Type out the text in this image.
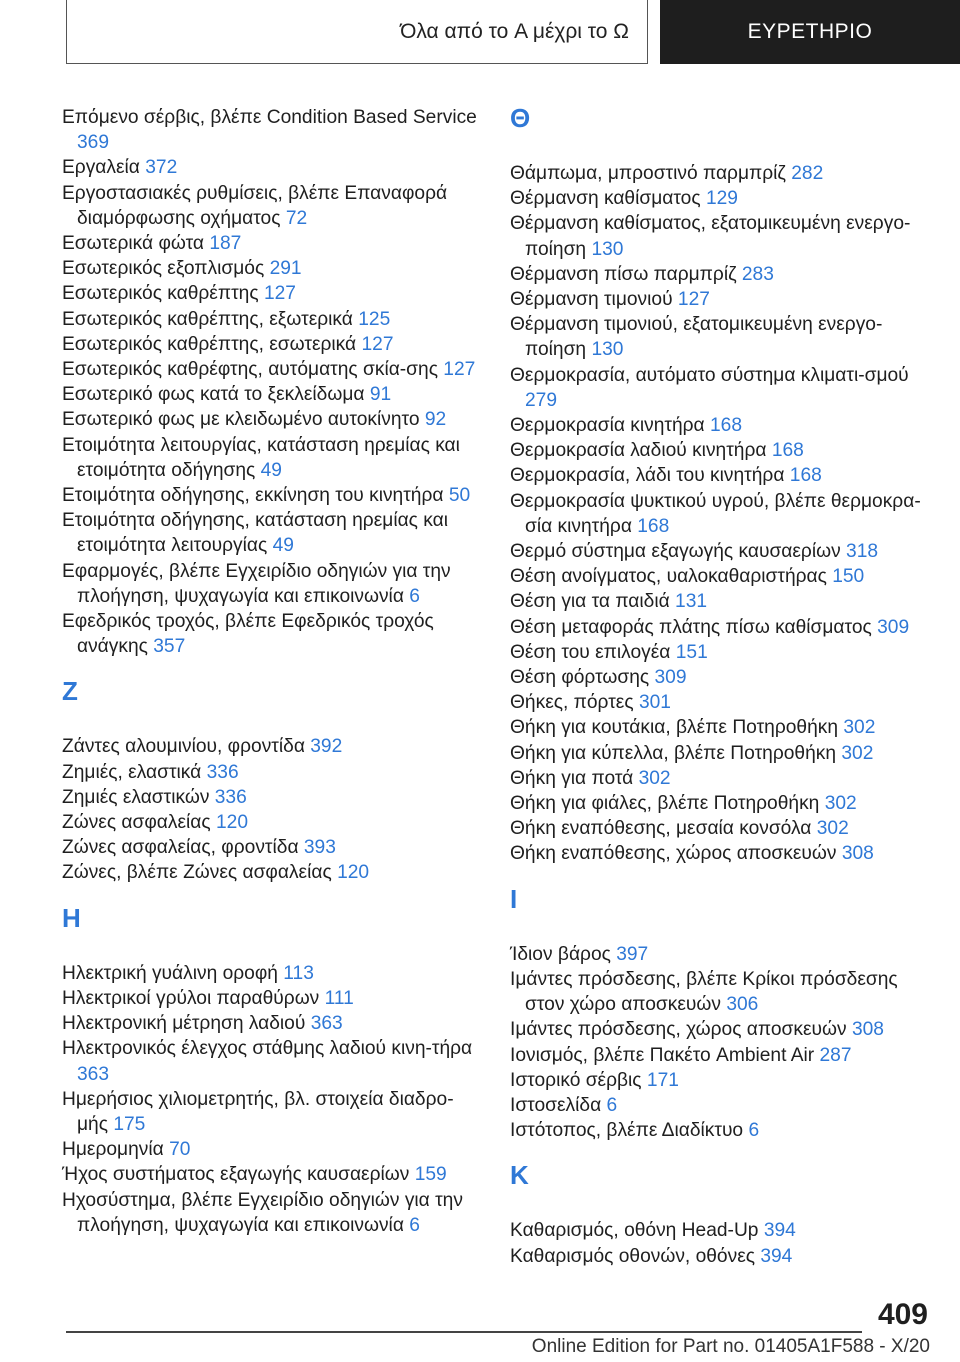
Όλα από το A μέχρι το Ω	ΕΥΡΕΤΗΡΙΟ
Επόμενο σέρβις, βλέπε Condition Based Service 369
Εργαλεία 372
Εργοστασιακές ρυθμίσεις, βλέπε Επαναφορά διαμόρφωσης οχήματος 72
Εσωτερικά φώτα 187
Εσωτερικός εξοπλισμός 291
Εσωτερικός καθρέπτης 127
Εσωτερικός καθρέπτης, εξωτερικά 125
Εσωτερικός καθρέπτης, εσωτερικά 127
Εσωτερικός καθρέφτης, αυτόματης σκία-σης 127
Εσωτερικό φως κατά το ξεκλείδωμα 91
Εσωτερικό φως με κλειδωμένο αυτοκίνητο 92
Ετοιμότητα λειτουργίας, κατάσταση ηρεμίας και ετοιμότητα οδήγησης 49
Ετοιμότητα οδήγησης, εκκίνηση του κινητήρα 50
Ετοιμότητα οδήγησης, κατάσταση ηρεμίας και ετοιμότητα λειτουργίας 49
Εφαρμογές, βλέπε Εγχειρίδιο οδηγιών για την πλοήγηση, ψυχαγωγία και επικοινωνία 6
Εφεδρικός τροχός, βλέπε Εφεδρικός τροχός ανάγκης 357
Z
Ζάντες αλουμινίου, φροντίδα 392
Ζημιές, ελαστικά 336
Ζημιές ελαστικών 336
Ζώνες ασφαλείας 120
Ζώνες ασφαλείας, φροντίδα 393
Ζώνες, βλέπε Ζώνες ασφαλείας 120
H
Ηλεκτρική γυάλινη οροφή 113
Ηλεκτρικοί γρύλοι παραθύρων 111
Ηλεκτρονική μέτρηση λαδιού 363
Ηλεκτρονικός έλεγχος στάθμης λαδιού κινη-τήρα 363
Ημερήσιος χιλιομετρητής, βλ. στοιχεία διαδρο-μής 175
Ημερομηνία 70
Ήχος συστήματος εξαγωγής καυσαερίων 159
Ηχοσύστημα, βλέπε Εγχειρίδιο οδηγιών για την πλοήγηση, ψυχαγωγία και επικοινωνία 6
Θ
Θάμπωμα, μπροστινό παρμπρίζ 282
Θέρμανση καθίσματος 129
Θέρμανση καθίσματος, εξατομικευμένη ενεργο-ποίηση 130
Θέρμανση πίσω παρμπρίζ 283
Θέρμανση τιμονιού 127
Θέρμανση τιμονιού, εξατομικευμένη ενεργο-ποίηση 130
Θερμοκρασία, αυτόματο σύστημα κλιματι-σμού 279
Θερμοκρασία κινητήρα 168
Θερμοκρασία λαδιού κινητήρα 168
Θερμοκρασία, λάδι του κινητήρα 168
Θερμοκρασία ψυκτικού υγρού, βλέπε θερμοκρα-σία κινητήρα 168
Θερμό σύστημα εξαγωγής καυσαερίων 318
Θέση ανοίγματος, υαλοκαθαριστήρας 150
Θέση για τα παιδιά 131
Θέση μεταφοράς πλάτης πίσω καθίσματος 309
Θέση του επιλογέα 151
Θέση φόρτωσης 309
Θήκες, πόρτες 301
Θήκη για κουτάκια, βλέπε Ποτηροθήκη 302
Θήκη για κύπελλα, βλέπε Ποτηροθήκη 302
Θήκη για ποτά 302
Θήκη για φιάλες, βλέπε Ποτηροθήκη 302
Θήκη εναπόθεσης, μεσαία κονσόλα 302
Θήκη εναπόθεσης, χώρος αποσκευών 308
I
Ίδιον βάρος 397
Ιμάντες πρόσδεσης, βλέπε Κρίκοι πρόσδεσης στον χώρο αποσκευών 306
Ιμάντες πρόσδεσης, χώρος αποσκευών 308
Ιονισμός, βλέπε Πακέτο Ambient Air 287
Ιστορικό σέρβις 171
Ιστοσελίδα 6
Ιστότοπος, βλέπε Διαδίκτυο 6
K
Καθαρισμός, οθόνη Head-Up 394
Καθαρισμός οθονών, οθόνες 394
409
Online Edition for Part no. 01405A1F588 - X/20
